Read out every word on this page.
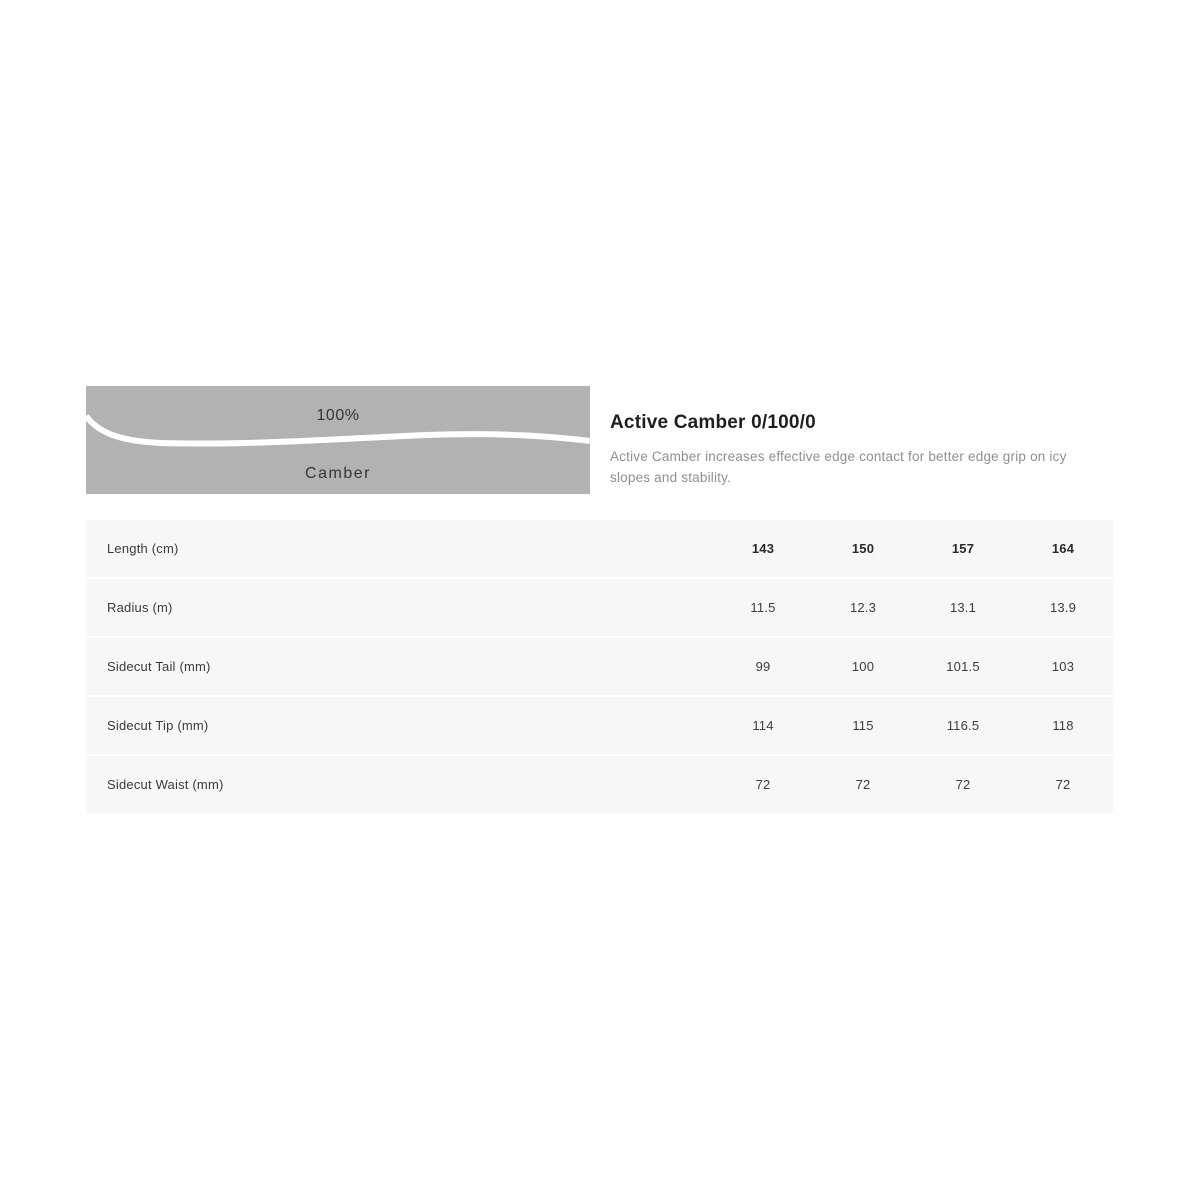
100%
Camber
Active Camber 0/100/0

Active Camber increases effective edge contact for better edge grip on icy slopes and stability.

Length (cm)	143	150	157	164
Radius (m)	11.5	12.3	13.1	13.9
Sidecut Tail (mm)	99	100	101.5	103
Sidecut Tip (mm)	114	115	116.5	118
Sidecut Waist (mm)	72	72	72	72
